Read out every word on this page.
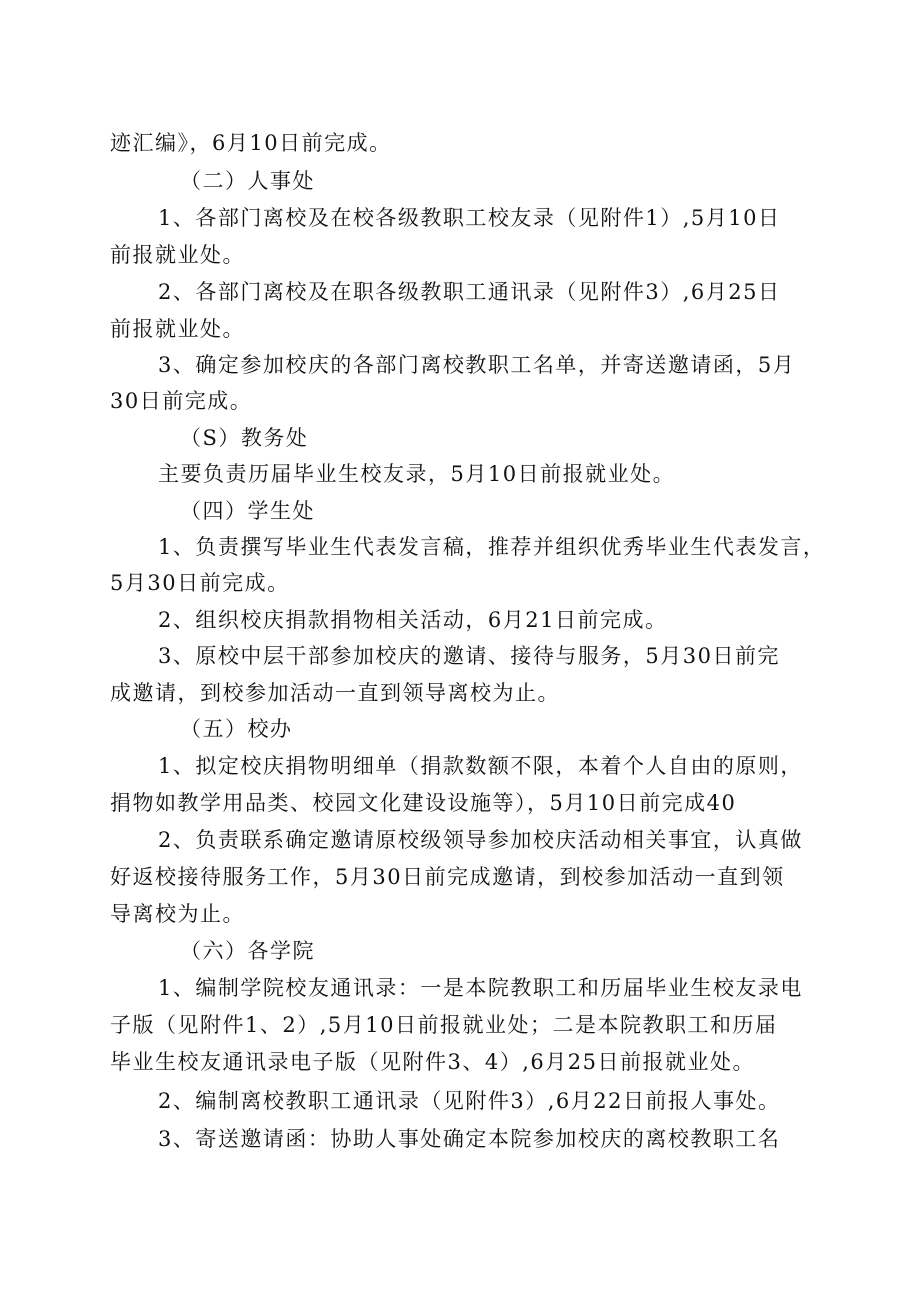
迹汇编》，6月10日前完成。
（二）人事处
1、各部门离校及在校各级教职工校友录（见附件1）,5月10日
前报就业处。
2、各部门离校及在职各级教职工通讯录（见附件3）,6月25日
前报就业处。
3、确定参加校庆的各部门离校教职工名单，并寄送邀请函，5月
30日前完成。
（S）教务处
主要负责历届毕业生校友录，5月10日前报就业处。
（四）学生处
1、负责撰写毕业生代表发言稿，推荐并组织优秀毕业生代表发言，
5月30日前完成。
2、组织校庆捐款捐物相关活动，6月21日前完成。
3、原校中层干部参加校庆的邀请、接待与服务，5月30日前完
成邀请，到校参加活动一直到领导离校为止。
（五）校办
1、拟定校庆捐物明细单（捐款数额不限，本着个人自由的原则，
捐物如教学用品类、校园文化建设设施等），5月10日前完成40
2、负责联系确定邀请原校级领导参加校庆活动相关事宜，认真做
好返校接待服务工作，5月30日前完成邀请，到校参加活动一直到领
导离校为止。
（六）各学院
1、编制学院校友通讯录：一是本院教职工和历届毕业生校友录电
子版（见附件1、2）,5月10日前报就业处；二是本院教职工和历届
毕业生校友通讯录电子版（见附件3、4）,6月25日前报就业处。
2、编制离校教职工通讯录（见附件3）,6月22日前报人事处。
3、寄送邀请函：协助人事处确定本院参加校庆的离校教职工名
